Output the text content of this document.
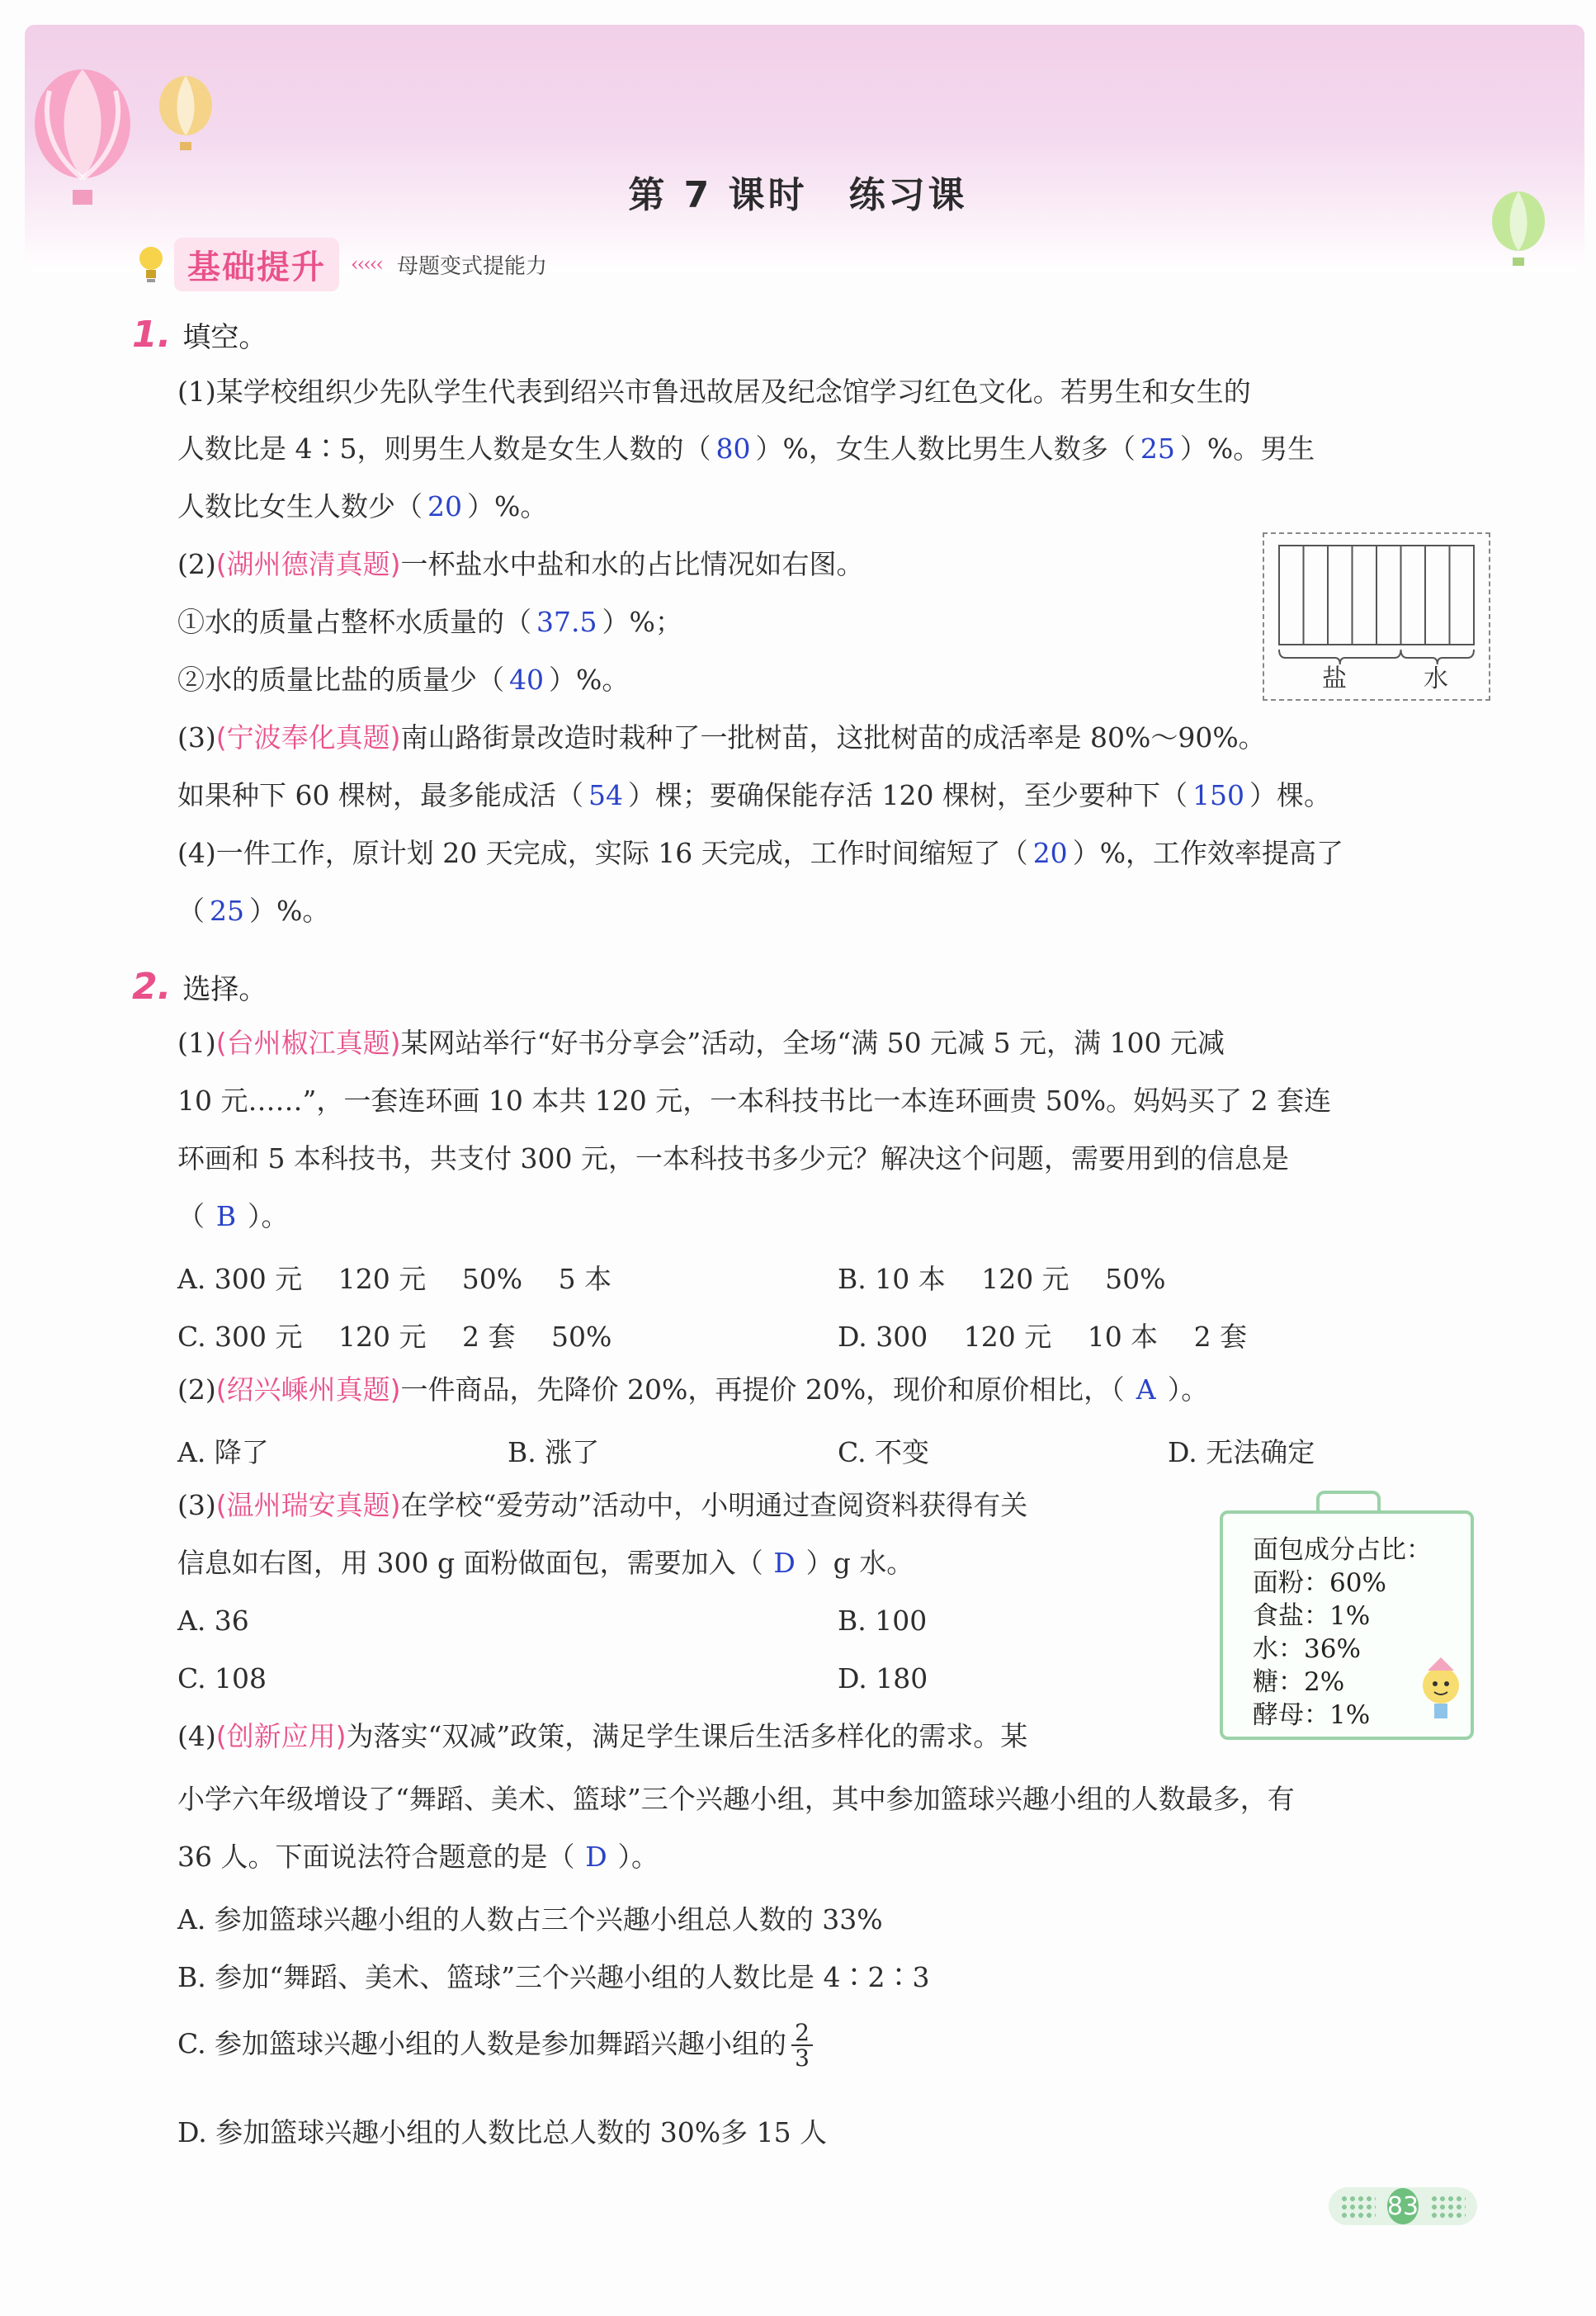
第 7 课时 练习课
基础提升	‹‹‹‹‹ 母题变式提能力
1. 填空。
(1)某学校组织少先队学生代表到绍兴市鲁迅故居及纪念馆学习红色文化。若男生和女生的
人数比是 4∶5，则男生人数是女生人数的（ 80 ）%，女生人数比男生人数多（ 25 ）%。男生
人数比女生人数少（ 20 ）%。
(2)(湖州德清真题)一杯盐水中盐和水的占比情况如右图。
①水的质量占整杯水质量的（ 37.5 ）%；
②水的质量比盐的质量少（ 40 ）%。	盐	水
(3)(宁波奉化真题)南山路街景改造时栽种了一批树苗，这批树苗的成活率是 80%～90%。
如果种下 60 棵树，最多能成活（ 54 ）棵；要确保能存活 120 棵树，至少要种下（ 150 ）棵。
(4)一件工作，原计划 20 天完成，实际 16 天完成，工作时间缩短了（ 20 ）%，工作效率提高了
（ 25 ）%。
2. 选择。
(1)(台州椒江真题)某网站举行“好书分享会”活动，全场“满 50 元减 5 元，满 100 元减
10 元……”，一套连环画 10 本共 120 元，一本科技书比一本连环画贵 50%。妈妈买了 2 套连
环画和 5 本科技书，共支付 300 元，一本科技书多少元？解决这个问题，需要用到的信息是
（ B ）。
A. 300 元　 120 元　 50%　 5 本	B. 10 本　 120 元　 50%
C. 300 元　 120 元　 2 套　 50%	D. 300　 120 元　 10 本　 2 套
(2)(绍兴嵊州真题)一件商品，先降价 20%，再提价 20%，现价和原价相比，（ A ）。
A. 降了	B. 涨了	C. 不变	D. 无法确定
(3)(温州瑞安真题)在学校“爱劳动”活动中，小明通过查阅资料获得有关
信息如右图，用 300 g 面粉做面包，需要加入（ D ）g 水。
A. 36	B. 100
C. 108	D. 180
面包成分占比：
面粉：60%
食盐：1%
水：36%
糖：2%
酵母：1%
(4)(创新应用)为落实“双减”政策，满足学生课后生活多样化的需求。某
小学六年级增设了“舞蹈、美术、篮球”三个兴趣小组，其中参加篮球兴趣小组的人数最多，有
36 人。下面说法符合题意的是（ D ）。
A. 参加篮球兴趣小组的人数占三个兴趣小组总人数的 33%
B. 参加“舞蹈、美术、篮球”三个兴趣小组的人数比是 4∶2∶3
C. 参加篮球兴趣小组的人数是参加舞蹈兴趣小组的 $\frac{2}{3}$
D. 参加篮球兴趣小组的人数比总人数的 30%多 15 人
83
